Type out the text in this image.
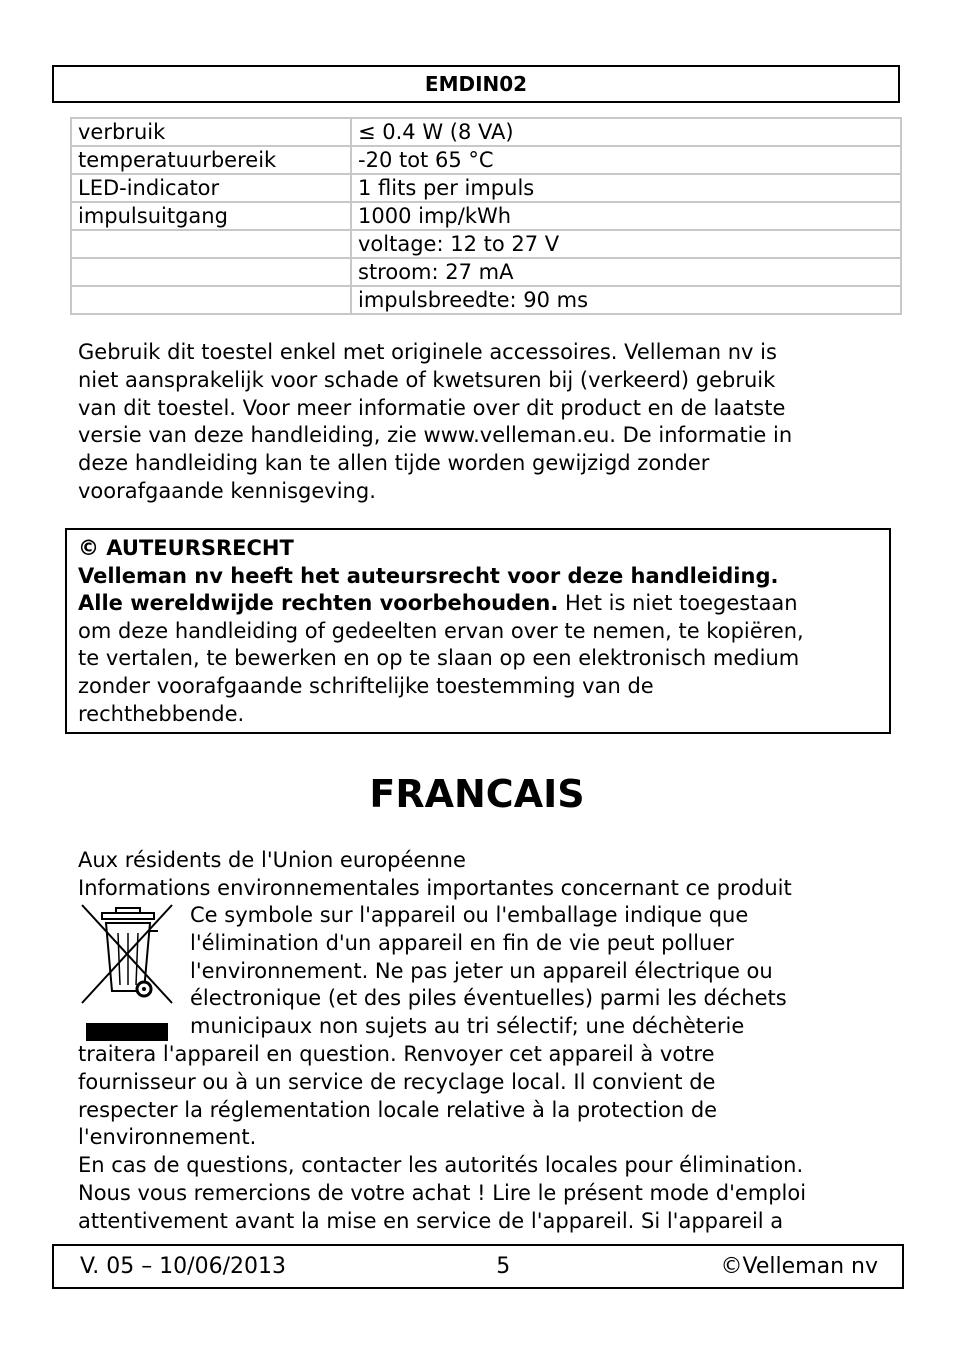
EMDIN02
verbruik	≤ 0.4 W (8 VA)
temperatuurbereik	-20 tot 65 °C
LED-indicator	1 flits per impuls
impulsuitgang	1000 imp/kWh
	voltage: 12 to 27 V
	stroom: 27 mA
	impulsbreedte: 90 ms
Gebruik dit toestel enkel met originele accessoires. Velleman nv is
niet aansprakelijk voor schade of kwetsuren bij (verkeerd) gebruik
van dit toestel. Voor meer informatie over dit product en de laatste
versie van deze handleiding, zie www.velleman.eu. De informatie in
deze handleiding kan te allen tijde worden gewijzigd zonder
voorafgaande kennisgeving.
© AUTEURSRECHT
Velleman nv heeft het auteursrecht voor deze handleiding.
Alle wereldwijde rechten voorbehouden. Het is niet toegestaan
om deze handleiding of gedeelten ervan over te nemen, te kopiëren,
te vertalen, te bewerken en op te slaan op een elektronisch medium
zonder voorafgaande schriftelijke toestemming van de
rechthebbende.
FRANCAIS
Aux résidents de l'Union européenne
Informations environnementales importantes concernant ce produit
Ce symbole sur l'appareil ou l'emballage indique que
l'élimination d'un appareil en fin de vie peut polluer
l'environnement. Ne pas jeter un appareil électrique ou
électronique (et des piles éventuelles) parmi les déchets
municipaux non sujets au tri sélectif; une déchèterie
traitera l'appareil en question. Renvoyer cet appareil à votre
fournisseur ou à un service de recyclage local. Il convient de
respecter la réglementation locale relative à la protection de
l'environnement.
En cas de questions, contacter les autorités locales pour élimination.
Nous vous remercions de votre achat ! Lire le présent mode d'emploi
attentivement avant la mise en service de l'appareil. Si l'appareil a
V. 05 – 10/06/2013	5	©Velleman nv
